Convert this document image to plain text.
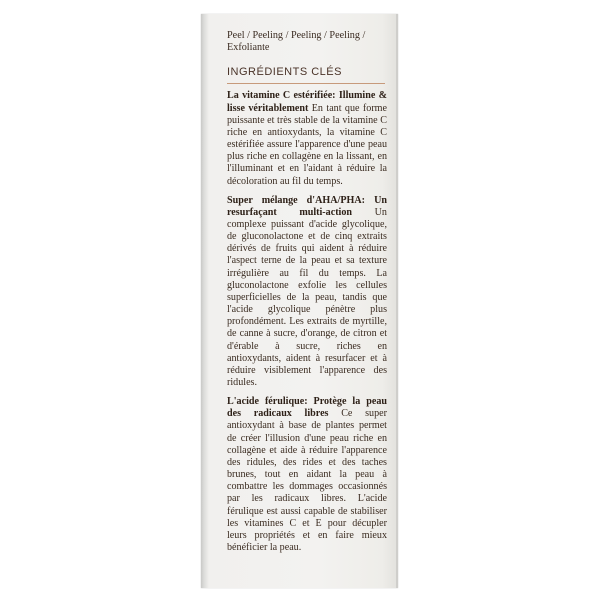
Peel / Peeling / Peeling / Peeling / Exfoliante

INGRÉDIENTS CLÉS

La vitamine C estérifiée: Illumine & lisse véritablement En tant que forme puissante et très stable de la vitamine C riche en antioxydants, la vitamine C estérifiée assure l'apparence d'une peau plus riche en collagène en la lissant, en l'illuminant et en l'aidant à réduire la décoloration au fil du temps.

Super mélange d'AHA/PHA: Un resurfaçant multi-action Un complexe puissant d'acide glycolique, de gluconolactone et de cinq extraits dérivés de fruits qui aident à réduire l'aspect terne de la peau et sa texture irrégulière au fil du temps. La gluconolactone exfolie les cellules superficielles de la peau, tandis que l'acide glycolique pénètre plus profondément. Les extraits de myrtille, de canne à sucre, d'orange, de citron et d'érable à sucre, riches en antioxydants, aident à resurfacer et à réduire visiblement l'apparence des ridules.

L'acide férulique: Protège la peau des radicaux libres Ce super antioxydant à base de plantes permet de créer l'illusion d'une peau riche en collagène et aide à réduire l'apparence des ridules, des rides et des taches brunes, tout en aidant la peau à combattre les dommages occasionnés par les radicaux libres. L'acide férulique est aussi capable de stabiliser les vitamines C et E pour décupler leurs propriétés et en faire mieux bénéficier la peau.
